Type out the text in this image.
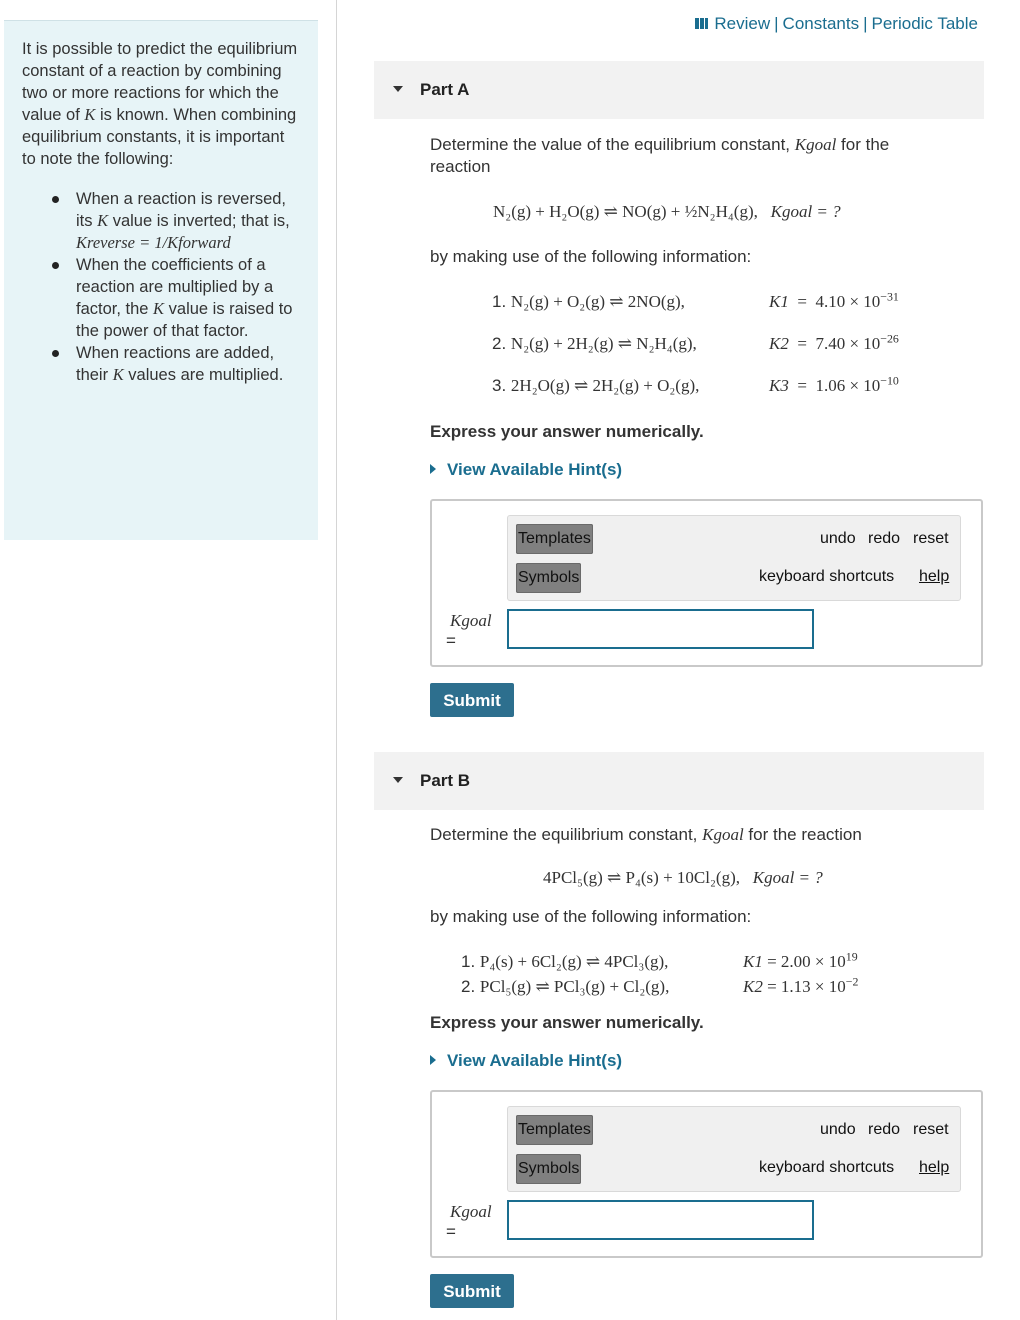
It is possible to predict the equilibrium constant of a reaction by combining two or more reactions for which the value of K is known. When combining equilibrium constants, it is important to note the following:

When a reaction is reversed, its K value is inverted; that is,
Kreverse = 1/Kforward
When the coefficients of a reaction are multiplied by a factor, the K value is raised to the power of that factor.
When reactions are added, their K values are multiplied.
Review | Constants | Periodic Table
Part A
Determine the value of the equilibrium constant, Kgoal for the reaction
N₂(g) + H₂O(g) ⇌ NO(g) + ½N₂H₄(g), Kgoal = ?
by making use of the following information:
1. N₂(g) + O₂(g) ⇌ 2NO(g),	$K1 = 4.10 \times 10^{-31}$
2. N₂(g) + 2H₂(g) ⇌ N₂H₄(g),	$K2 = 7.40 \times 10^{-26}$
3. 2H₂O(g) ⇌ 2H₂(g) + O₂(g),	$K3 = 1.06 \times 10^{-10}$
Express your answer numerically.
View Available Hint(s)
Templates
Symbols
undo redo reset
keyboard shortcuts help
Kgoal
=
Submit
Part B
Determine the equilibrium constant, Kgoal for the reaction
4PCl₅(g) ⇌ P₄(s) + 10Cl₂(g), Kgoal = ?
by making use of the following information:
1. P₄(s) + 6Cl₂(g) ⇌ 4PCl₃(g),	$K1 = 2.00 \times 10^{19}$
2. PCl₅(g) ⇌ PCl₃(g) + Cl₂(g),	$K2 = 1.13 \times 10^{-2}$
Express your answer numerically.
View Available Hint(s)
Templates
Symbols
undo redo reset
keyboard shortcuts help
Kgoal
=
Submit
